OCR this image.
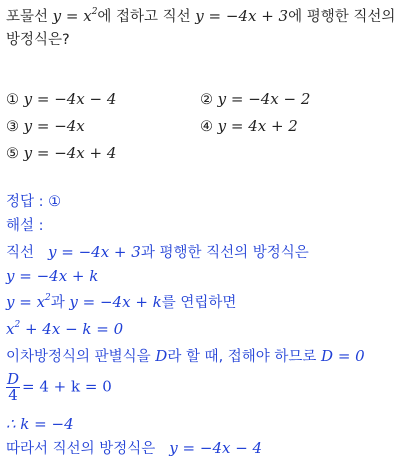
포물선 $y = x^2$에 접하고 직선 y = −4x + 3에 평행한 직선의
방정식은?
① y = −4x − 4	② y = −4x − 2
③ y = −4x	④ y = 4x + 2
⑤ y = −4x + 4
정답 : ①
해설 :
직선 y = −4x + 3과 평행한 직선의 방정식은
y = −4x + k
$y = x^2$과 y = −4x + k를 연립하면
$x^2 + 4x - k = 0$
이차방정식의 판별식을 D라 할 때, 접해야 하므로 D = 0
$\frac{D}{4} = 4 + k = 0$
∴ k = −4
따라서 직선의 방정식은 y = −4x − 4
